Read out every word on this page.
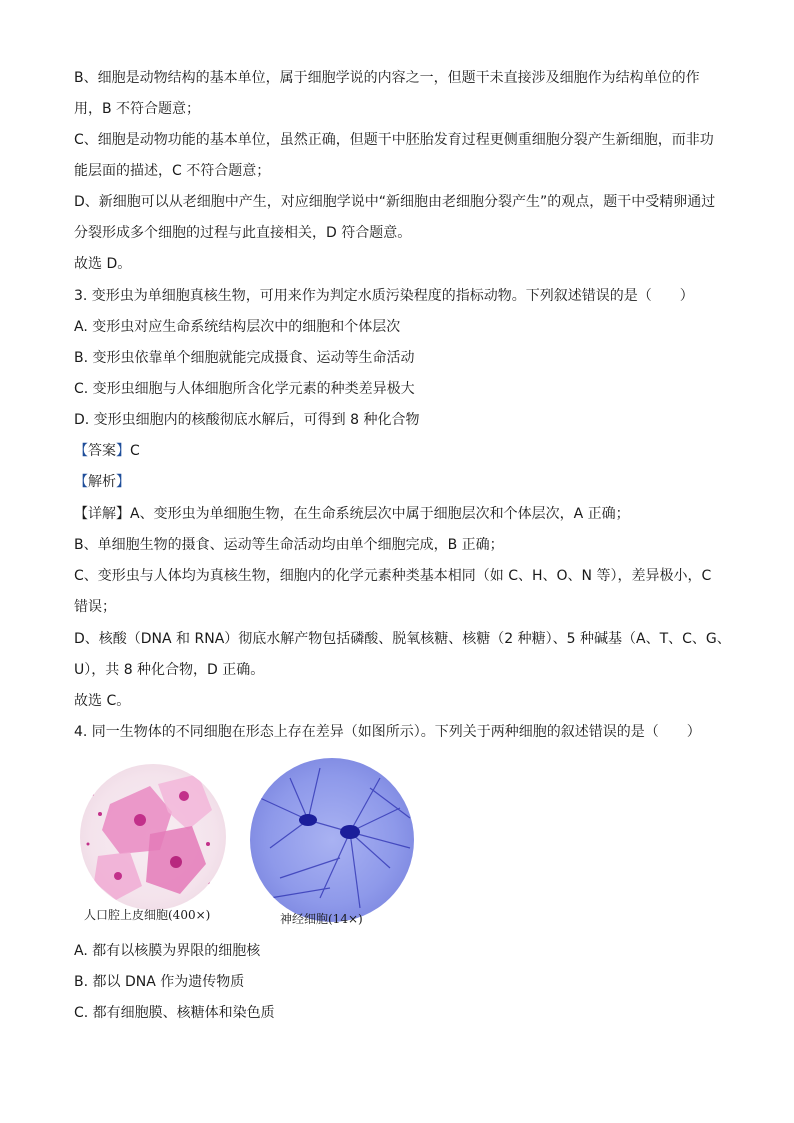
B、细胞是动物结构的基本单位，属于细胞学说的内容之一，但题干未直接涉及细胞作为结构单位的作
用，B 不符合题意；
C、细胞是动物功能的基本单位，虽然正确，但题干中胚胎发育过程更侧重细胞分裂产生新细胞，而非功
能层面的描述，C 不符合题意；
D、新细胞可以从老细胞中产生，对应细胞学说中“新细胞由老细胞分裂产生”的观点，题干中受精卵通过
分裂形成多个细胞的过程与此直接相关，D 符合题意。
故选 D。
3. 变形虫为单细胞真核生物，可用来作为判定水质污染程度的指标动物。下列叙述错误的是（　　）
A. 变形虫对应生命系统结构层次中的细胞和个体层次
B. 变形虫依靠单个细胞就能完成摄食、运动等生命活动
C. 变形虫细胞与人体细胞所含化学元素的种类差异极大
D. 变形虫细胞内的核酸彻底水解后，可得到 8 种化合物
【答案】C
【解析】
【详解】A、变形虫为单细胞生物，在生命系统层次中属于细胞层次和个体层次，A 正确；
B、单细胞生物的摄食、运动等生命活动均由单个细胞完成，B 正确；
C、变形虫与人体均为真核生物，细胞内的化学元素种类基本相同（如 C、H、O、N 等），差异极小，C
错误；
D、核酸（DNA 和 RNA）彻底水解产物包括磷酸、脱氧核糖、核糖（2 种糖）、5 种碱基（A、T、C、G、
U），共 8 种化合物，D 正确。
故选 C。
4. 同一生物体的不同细胞在形态上存在差异（如图所示）。下列关于两种细胞的叙述错误的是（　　）
人口腔上皮细胞(400×)	神经细胞(14×)
A. 都有以核膜为界限的细胞核
B. 都以 DNA 作为遗传物质
C. 都有细胞膜、核糖体和染色质
